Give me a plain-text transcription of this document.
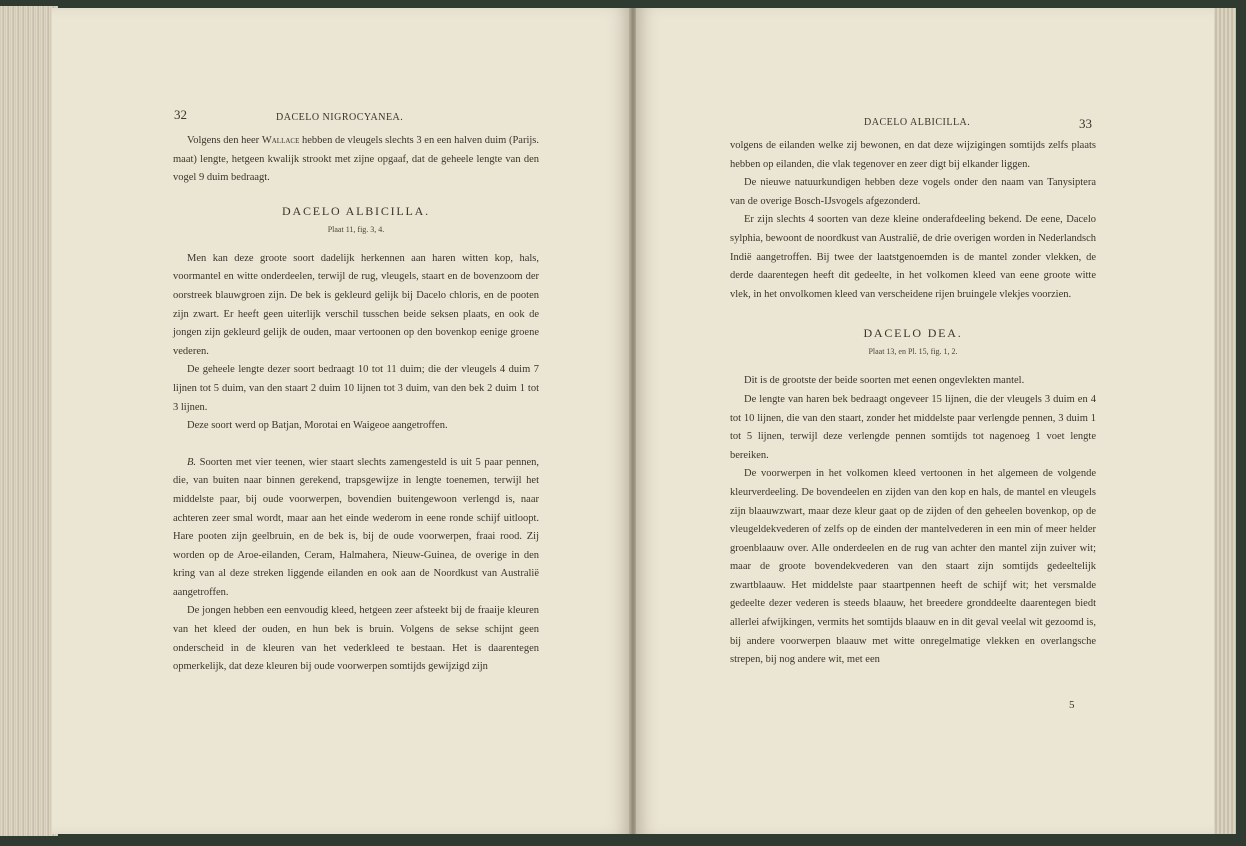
32	DACELO NIGROCYANEA.

Volgens den heer Wallace hebben de vleugels slechts 3 en een halven duim (Parijs. maat) lengte, hetgeen kwalijk strookt met zijne opgaaf, dat de geheele lengte van den vogel 9 duim bedraagt.

DACELO ALBICILLA.
Plaat 11, fig. 3, 4.

Men kan deze groote soort dadelijk herkennen aan haren witten kop, hals, voormantel en witte onderdeelen, terwijl de rug, vleugels, staart en de bovenzoom der oorstreek blauwgroen zijn. De bek is gekleurd gelijk bij Dacelo chloris, en de pooten zijn zwart. Er heeft geen uiterlijk verschil tusschen beide seksen plaats, en ook de jongen zijn gekleurd gelijk de ouden, maar vertoonen op den bovenkop eenige groene vederen.

De geheele lengte dezer soort bedraagt 10 tot 11 duim; die der vleugels 4 duim 7 lijnen tot 5 duim, van den staart 2 duim 10 lijnen tot 3 duim, van den bek 2 duim 1 tot 3 lijnen.

Deze soort werd op Batjan, Morotai en Waigeoe aangetroffen.

B. Soorten met vier teenen, wier staart slechts zamengesteld is uit 5 paar pennen, die, van buiten naar binnen gerekend, trapsgewijze in lengte toenemen, terwijl het middelste paar, bij oude voorwerpen, bovendien buitengewoon verlengd is, naar achteren zeer smal wordt, maar aan het einde wederom in eene ronde schijf uitloopt. Hare pooten zijn geelbruin, en de bek is, bij de oude voorwerpen, fraai rood. Zij worden op de Aroe-eilanden, Ceram, Halmahera, Nieuw-Guinea, de overige in den kring van al deze streken liggende eilanden en ook aan de Noordkust van Australië aangetroffen.

De jongen hebben een eenvoudig kleed, hetgeen zeer afsteekt bij de fraaije kleuren van het kleed der ouden, en hun bek is bruin. Volgens de sekse schijnt geen onderscheid in de kleuren van het vederkleed te bestaan. Het is daarentegen opmerkelijk, dat deze kleuren bij oude voorwerpen somtijds gewijzigd zijn

DACELO ALBICILLA.	33

volgens de eilanden welke zij bewonen, en dat deze wijzigingen somtijds zelfs plaats hebben op eilanden, die vlak tegenover en zeer digt bij elkander liggen.

De nieuwe natuurkundigen hebben deze vogels onder den naam van Tanysiptera van de overige Bosch-IJsvogels afgezonderd.

Er zijn slechts 4 soorten van deze kleine onderafdeeling bekend. De eene, Dacelo sylphia, bewoont de noordkust van Australië, de drie overigen worden in Nederlandsch Indië aangetroffen. Bij twee der laatstgenoemden is de mantel zonder vlekken, de derde daarentegen heeft dit gedeelte, in het volkomen kleed van eene groote witte vlek, in het onvolkomen kleed van verscheidene rijen bruingele vlekjes voorzien.

DACELO DEA.
Plaat 13, en Pl. 15, fig. 1, 2.

Dit is de grootste der beide soorten met eenen ongevlekten mantel.

De lengte van haren bek bedraagt ongeveer 15 lijnen, die der vleugels 3 duim en 4 tot 10 lijnen, die van den staart, zonder het middelste paar verlengde pennen, 3 duim 1 tot 5 lijnen, terwijl deze verlengde pennen somtijds tot nagenoeg 1 voet lengte bereiken.

De voorwerpen in het volkomen kleed vertoonen in het algemeen de volgende kleurverdeeling. De bovendeelen en zijden van den kop en hals, de mantel en vleugels zijn blaauwzwart, maar deze kleur gaat op de zijden of den geheelen bovenkop, op de vleugeldekvederen of zelfs op de einden der mantelvederen in een min of meer helder groenblaauw over. Alle onderdeelen en de rug van achter den mantel zijn zuiver wit; maar de groote bovendekvederen van den staart zijn somtijds gedeeltelijk zwartblaauw. Het middelste paar staartpennen heeft de schijf wit; het versmalde gedeelte dezer vederen is steeds blaauw, het breedere gronddeelte daarentegen biedt allerlei afwijkingen, vermits het somtijds blaauw en in dit geval veelal wit gezoomd is, bij andere voorwerpen blaauw met witte onregelmatige vlekken en overlangsche strepen, bij nog andere wit, met een

5
